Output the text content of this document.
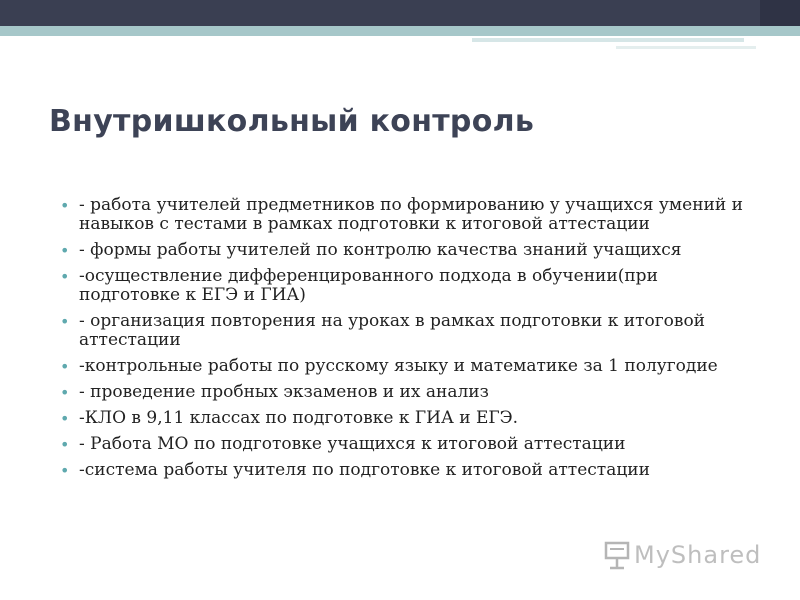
Внутришкольный контроль
• - работа учителей предметников по формированию у учащихся умений и навыков с тестами в рамках подготовки к итоговой аттестации
• - формы работы учителей по контролю качества знаний учащихся
• -осуществление дифференцированного подхода в обучении(при подготовке к ЕГЭ и ГИА)
• - организация повторения на уроках в рамках подготовки к итоговой аттестации
• -контрольные работы по русскому языку и математике за 1 полугодие
• - проведение пробных экзаменов и их анализ
• -КЛО в 9,11 классах по подготовке к ГИА и ЕГЭ.
• - Работа МО по подготовке учащихся к итоговой аттестации
• -система работы учителя по подготовке к итоговой аттестации
MyShared
